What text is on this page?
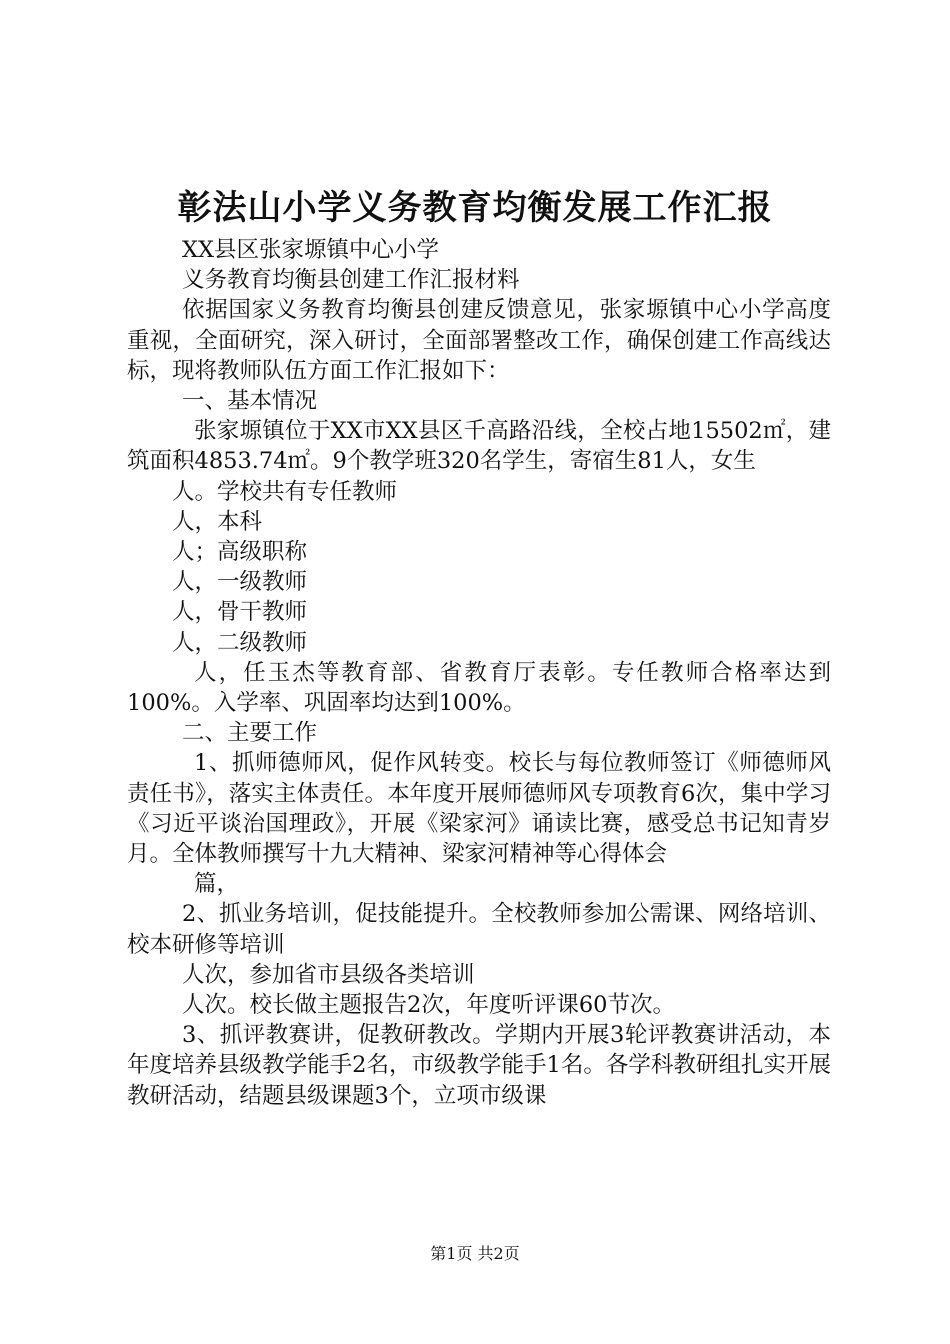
彰法山小学义务教育均衡发展工作汇报

XX县区张家塬镇中心小学

义务教育均衡县创建工作汇报材料

依据国家义务教育均衡县创建反馈意见，张家塬镇中心小学高度重视，全面研究，深入研讨，全面部署整改工作，确保创建工作高线达标，现将教师队伍方面工作汇报如下：

一、基本情况

张家塬镇位于XX市XX县区千高路沿线，全校占地15502㎡，建筑面积4853.74㎡。9个教学班320名学生，寄宿生81人，女生

人。学校共有专任教师

人，本科

人；高级职称

人，一级教师

人，骨干教师

人，二级教师

人，任玉杰等教育部、省教育厅表彰。专任教师合格率达到100%。入学率、巩固率均达到100%。

二、主要工作

1、抓师德师风，促作风转变。校长与每位教师签订《师德师风责任书》，落实主体责任。本年度开展师德师风专项教育6次，集中学习《习近平谈治国理政》，开展《梁家河》诵读比赛，感受总书记知青岁月。全体教师撰写十九大精神、梁家河精神等心得体会

篇，

2、抓业务培训，促技能提升。全校教师参加公需课、网络培训、校本研修等培训

人次，参加省市县级各类培训

人次。校长做主题报告2次，年度听评课60节次。

3、抓评教赛讲，促教研教改。学期内开展3轮评教赛讲活动，本年度培养县级教学能手2名，市级教学能手1名。各学科教研组扎实开展教研活动，结题县级课题3个，立项市级课

第1页 共2页
